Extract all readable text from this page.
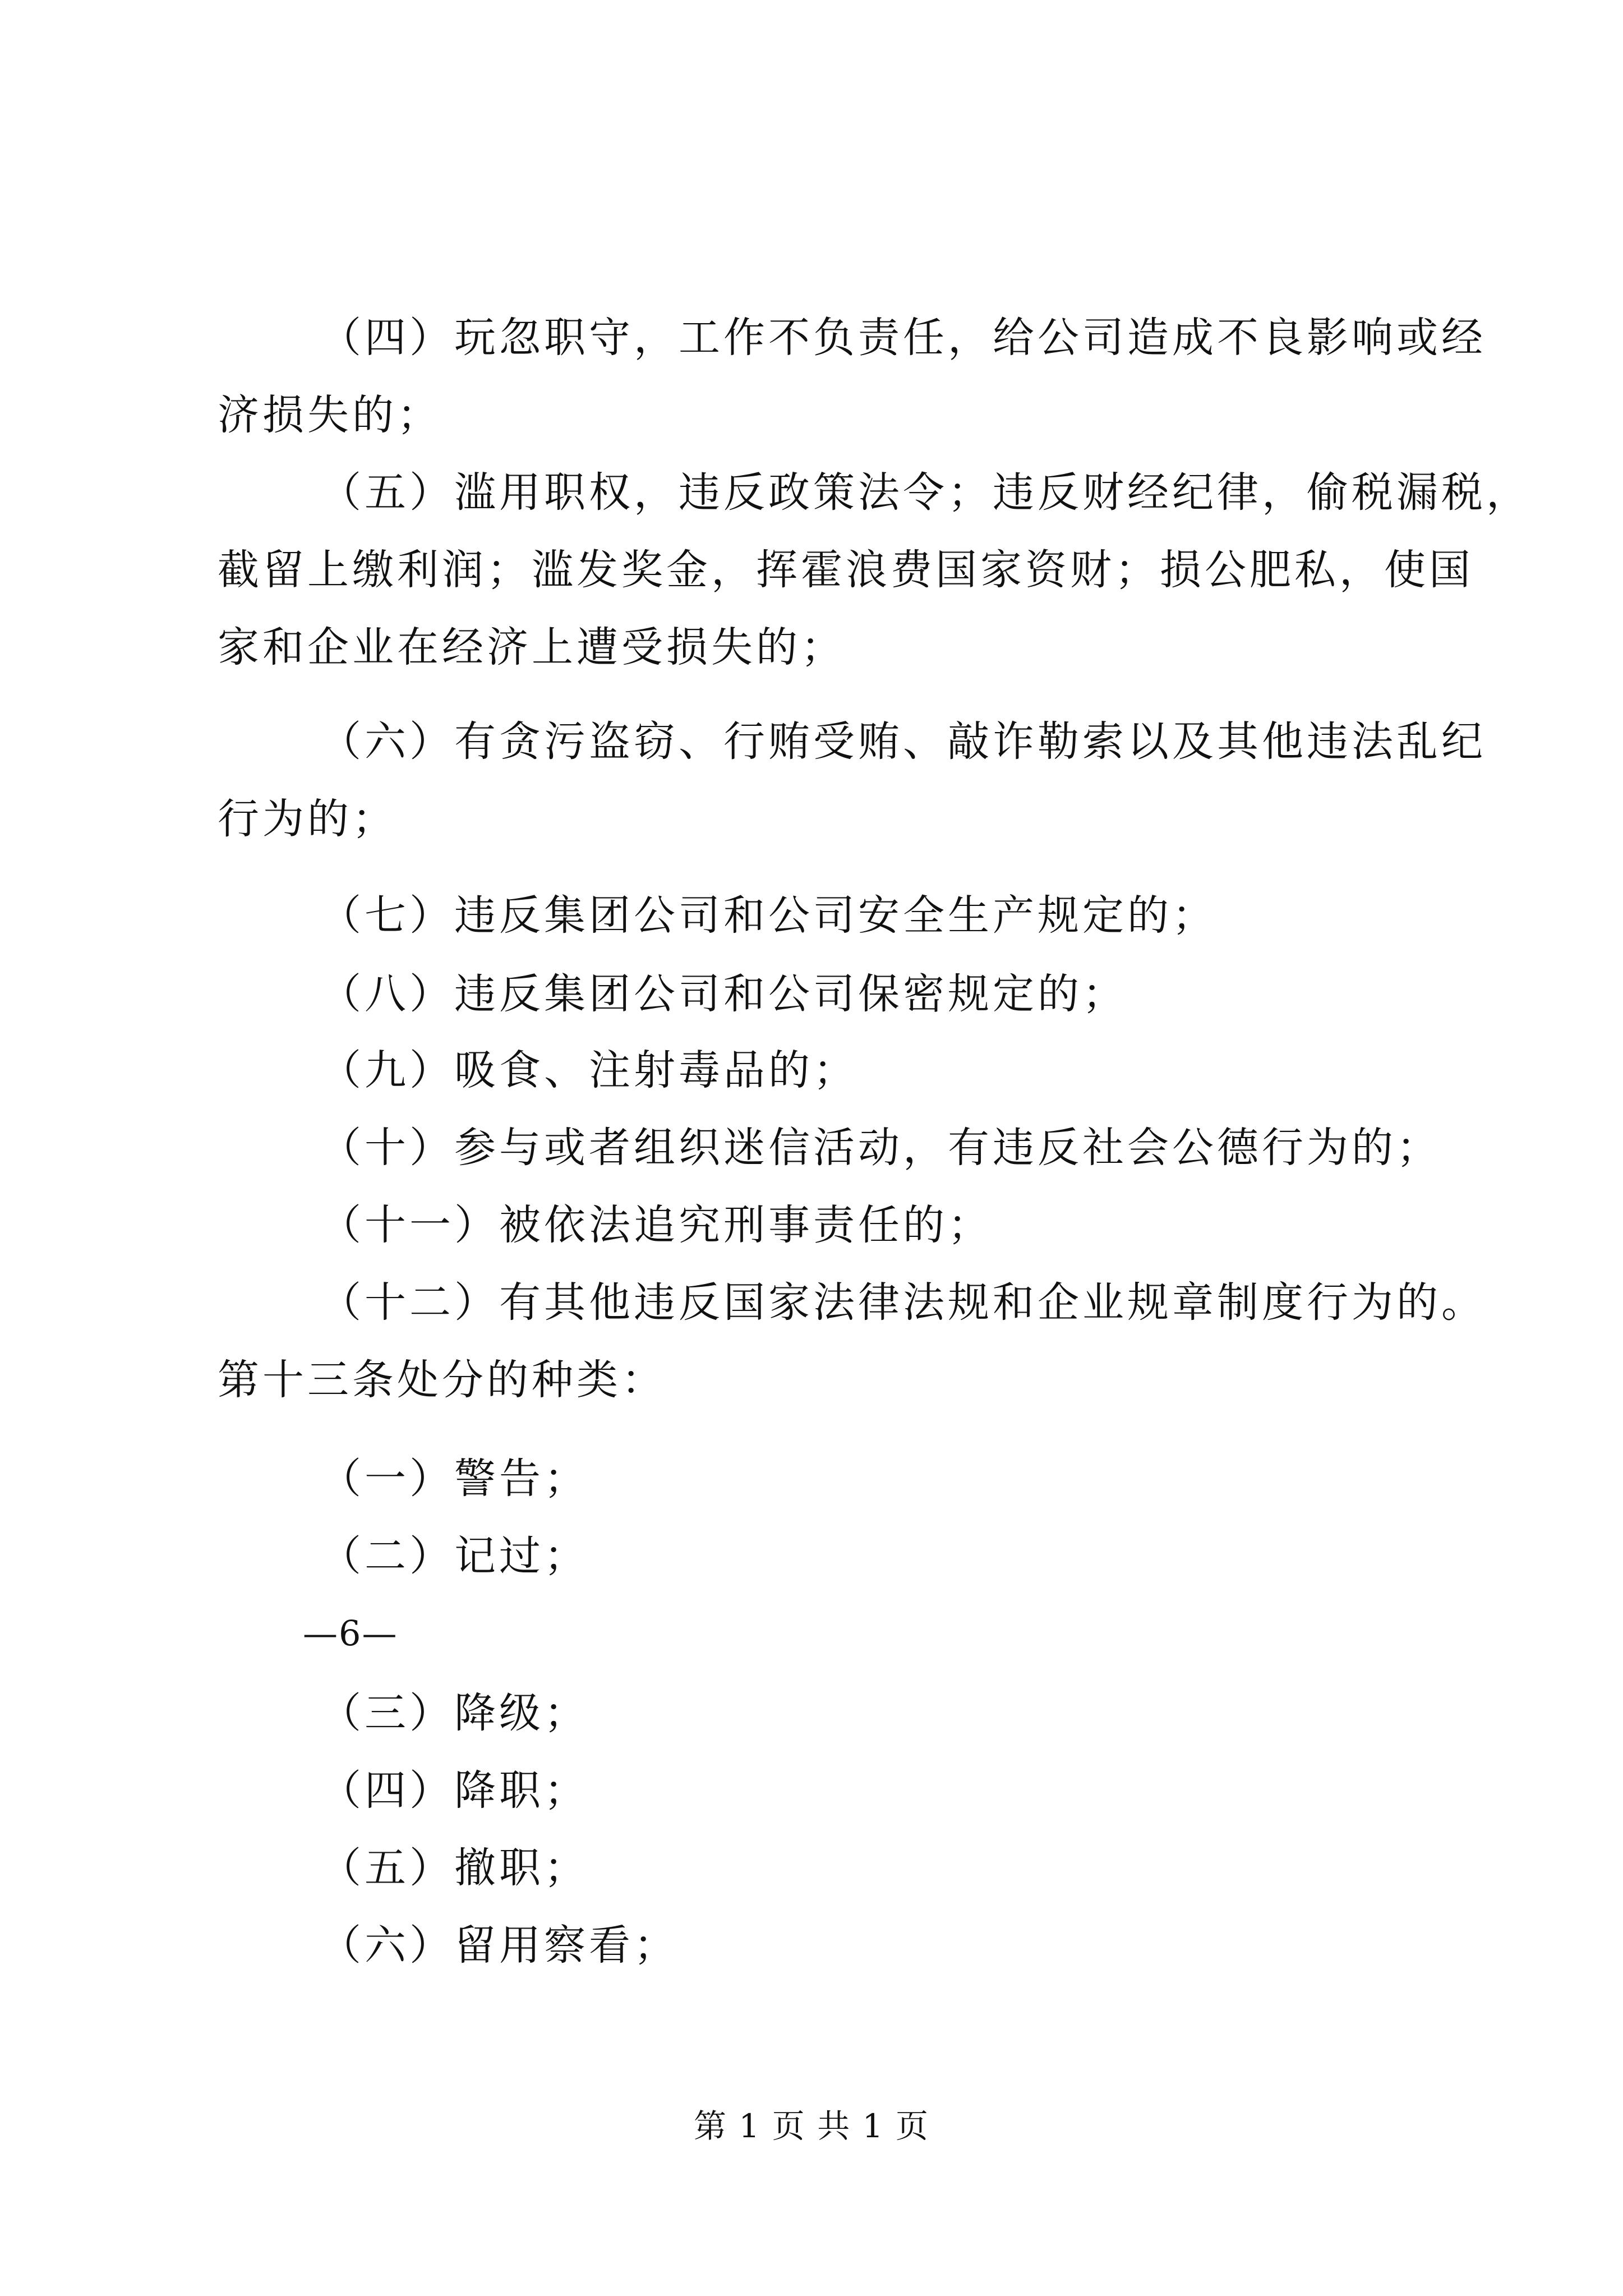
（四）玩忽职守，工作不负责任，给公司造成不良影响或经
济损失的；
（五）滥用职权，违反政策法令；违反财经纪律，偷税漏税，
截留上缴利润；滥发奖金，挥霍浪费国家资财；损公肥私，使国
家和企业在经济上遭受损失的；
（六）有贪污盗窃、行贿受贿、敲诈勒索以及其他违法乱纪
行为的；
（七）违反集团公司和公司安全生产规定的；
（八）违反集团公司和公司保密规定的；
（九）吸食、注射毒品的；
（十）参与或者组织迷信活动，有违反社会公德行为的；
（十一）被依法追究刑事责任的；
（十二）有其他违反国家法律法规和企业规章制度行为的。
第十三条处分的种类：
（一）警告；
（二）记过；
—6—
（三）降级；
（四）降职；
（五）撤职；
（六）留用察看；
第 1 页 共 1 页
